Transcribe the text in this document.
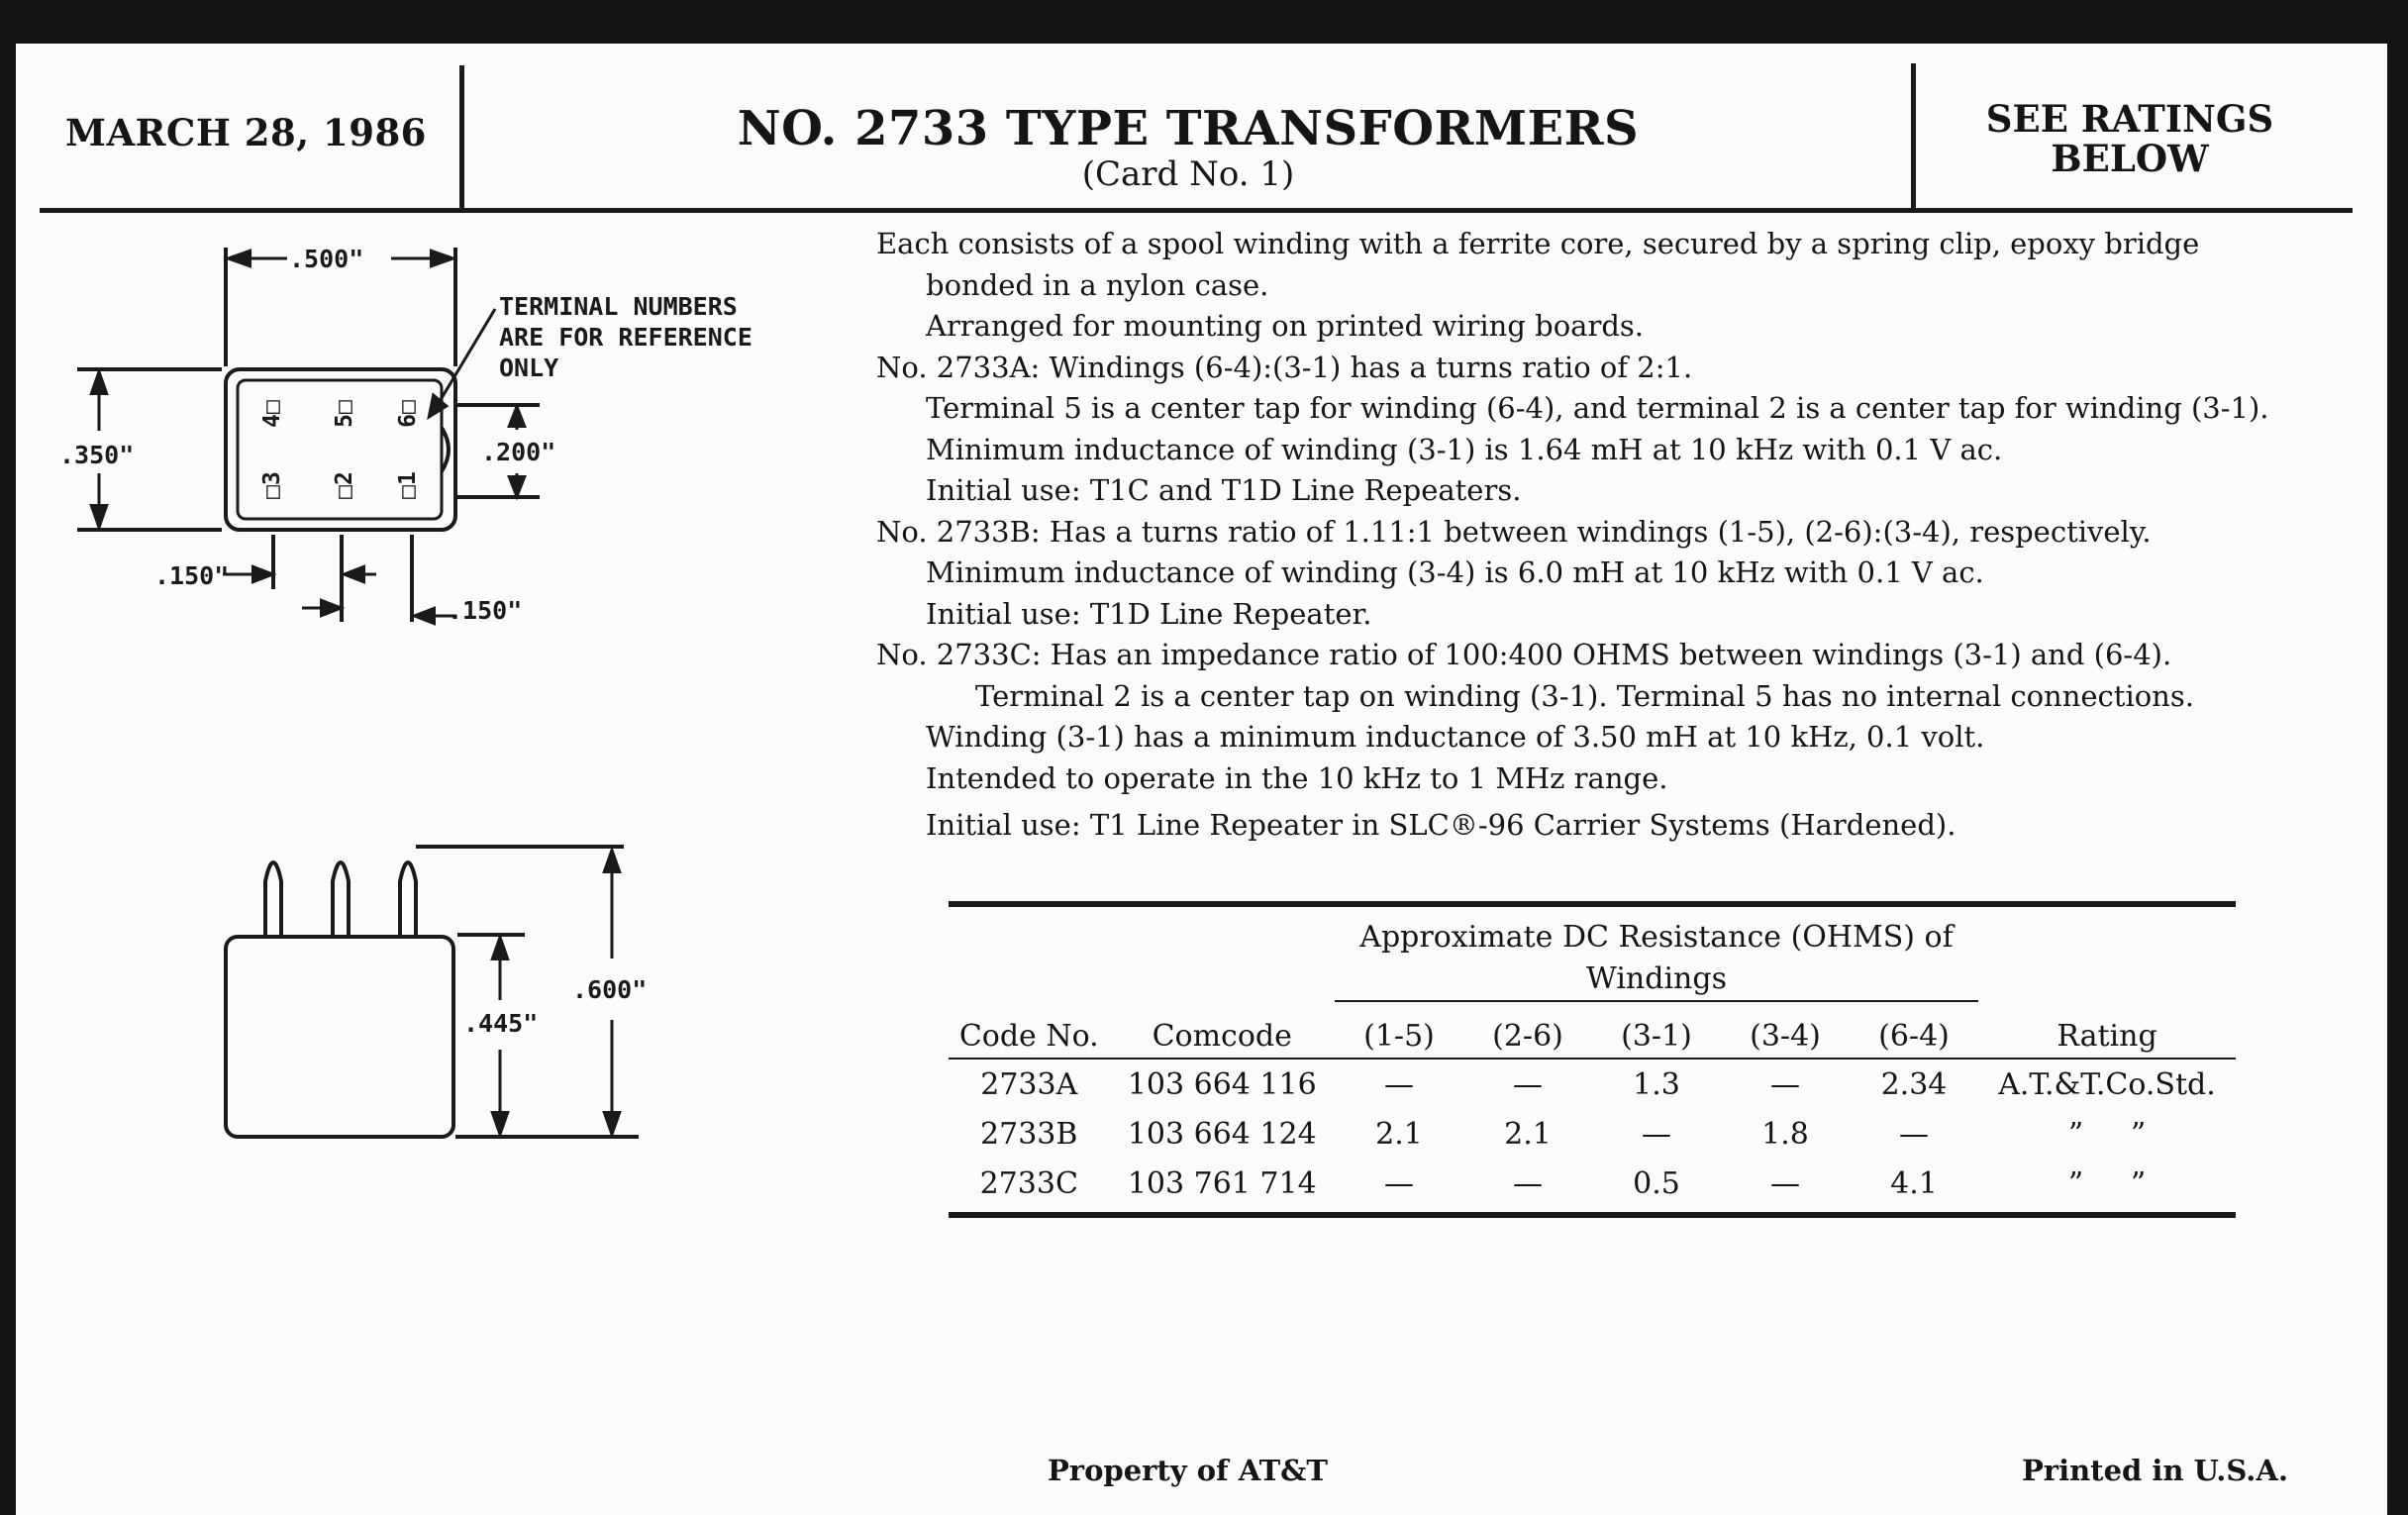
MARCH 28, 1986	NO. 2733 TYPE TRANSFORMERS
(Card No. 1)
SEE RATINGS
BELOW
4□ 5□ 6□
□3 □2 □1
.500"
.350"	.200"
.150"
.150"
.600"
.445"
TERMINAL NUMBERS
ARE FOR REFERENCE
ONLY

Each consists of a spool winding with a ferrite core, secured by a spring clip, epoxy bridge bonded in a nylon case.

Arranged for mounting on printed wiring boards.

No. 2733A: Windings (6-4):(3-1) has a turns ratio of 2:1.

Terminal 5 is a center tap for winding (6-4), and terminal 2 is a center tap for winding (3-1).

Minimum inductance of winding (3-1) is 1.64 mH at 10 kHz with 0.1 V ac.

Initial use: T1C and T1D Line Repeaters.

No. 2733B: Has a turns ratio of 1.11:1 between windings (1-5), (2-6):(3-4), respectively.

Minimum inductance of winding (3-4) is 6.0 mH at 10 kHz with 0.1 V ac.

Initial use: T1D Line Repeater.

No. 2733C: Has an impedance ratio of 100:400 OHMS between windings (3-1) and (6-4). Terminal 2 is a center tap on winding (3-1). Terminal 5 has no internal connections.

Winding (3-1) has a minimum inductance of 3.50 mH at 10 kHz, 0.1 volt.

Intended to operate in the 10 kHz to 1 MHz range.

Initial use: T1 Line Repeater in SLC®-96 Carrier Systems (Hardened).

		Approximate DC Resistance (OHMS) of Windings					
Code No.	Comcode	(1-5)	(2-6)	(3-1)	(3-4)	(6-4)	Rating
2733A	103 664 116	—	—	1.3	—	2.34	A.T.&T.Co.Std.
2733B	103 664 124	2.1	2.1	—	1.8	—	”     ”
2733C	103 761 714	—	—	0.5	—	4.1	”     ”
Property of AT&T	Printed in U.S.A.
